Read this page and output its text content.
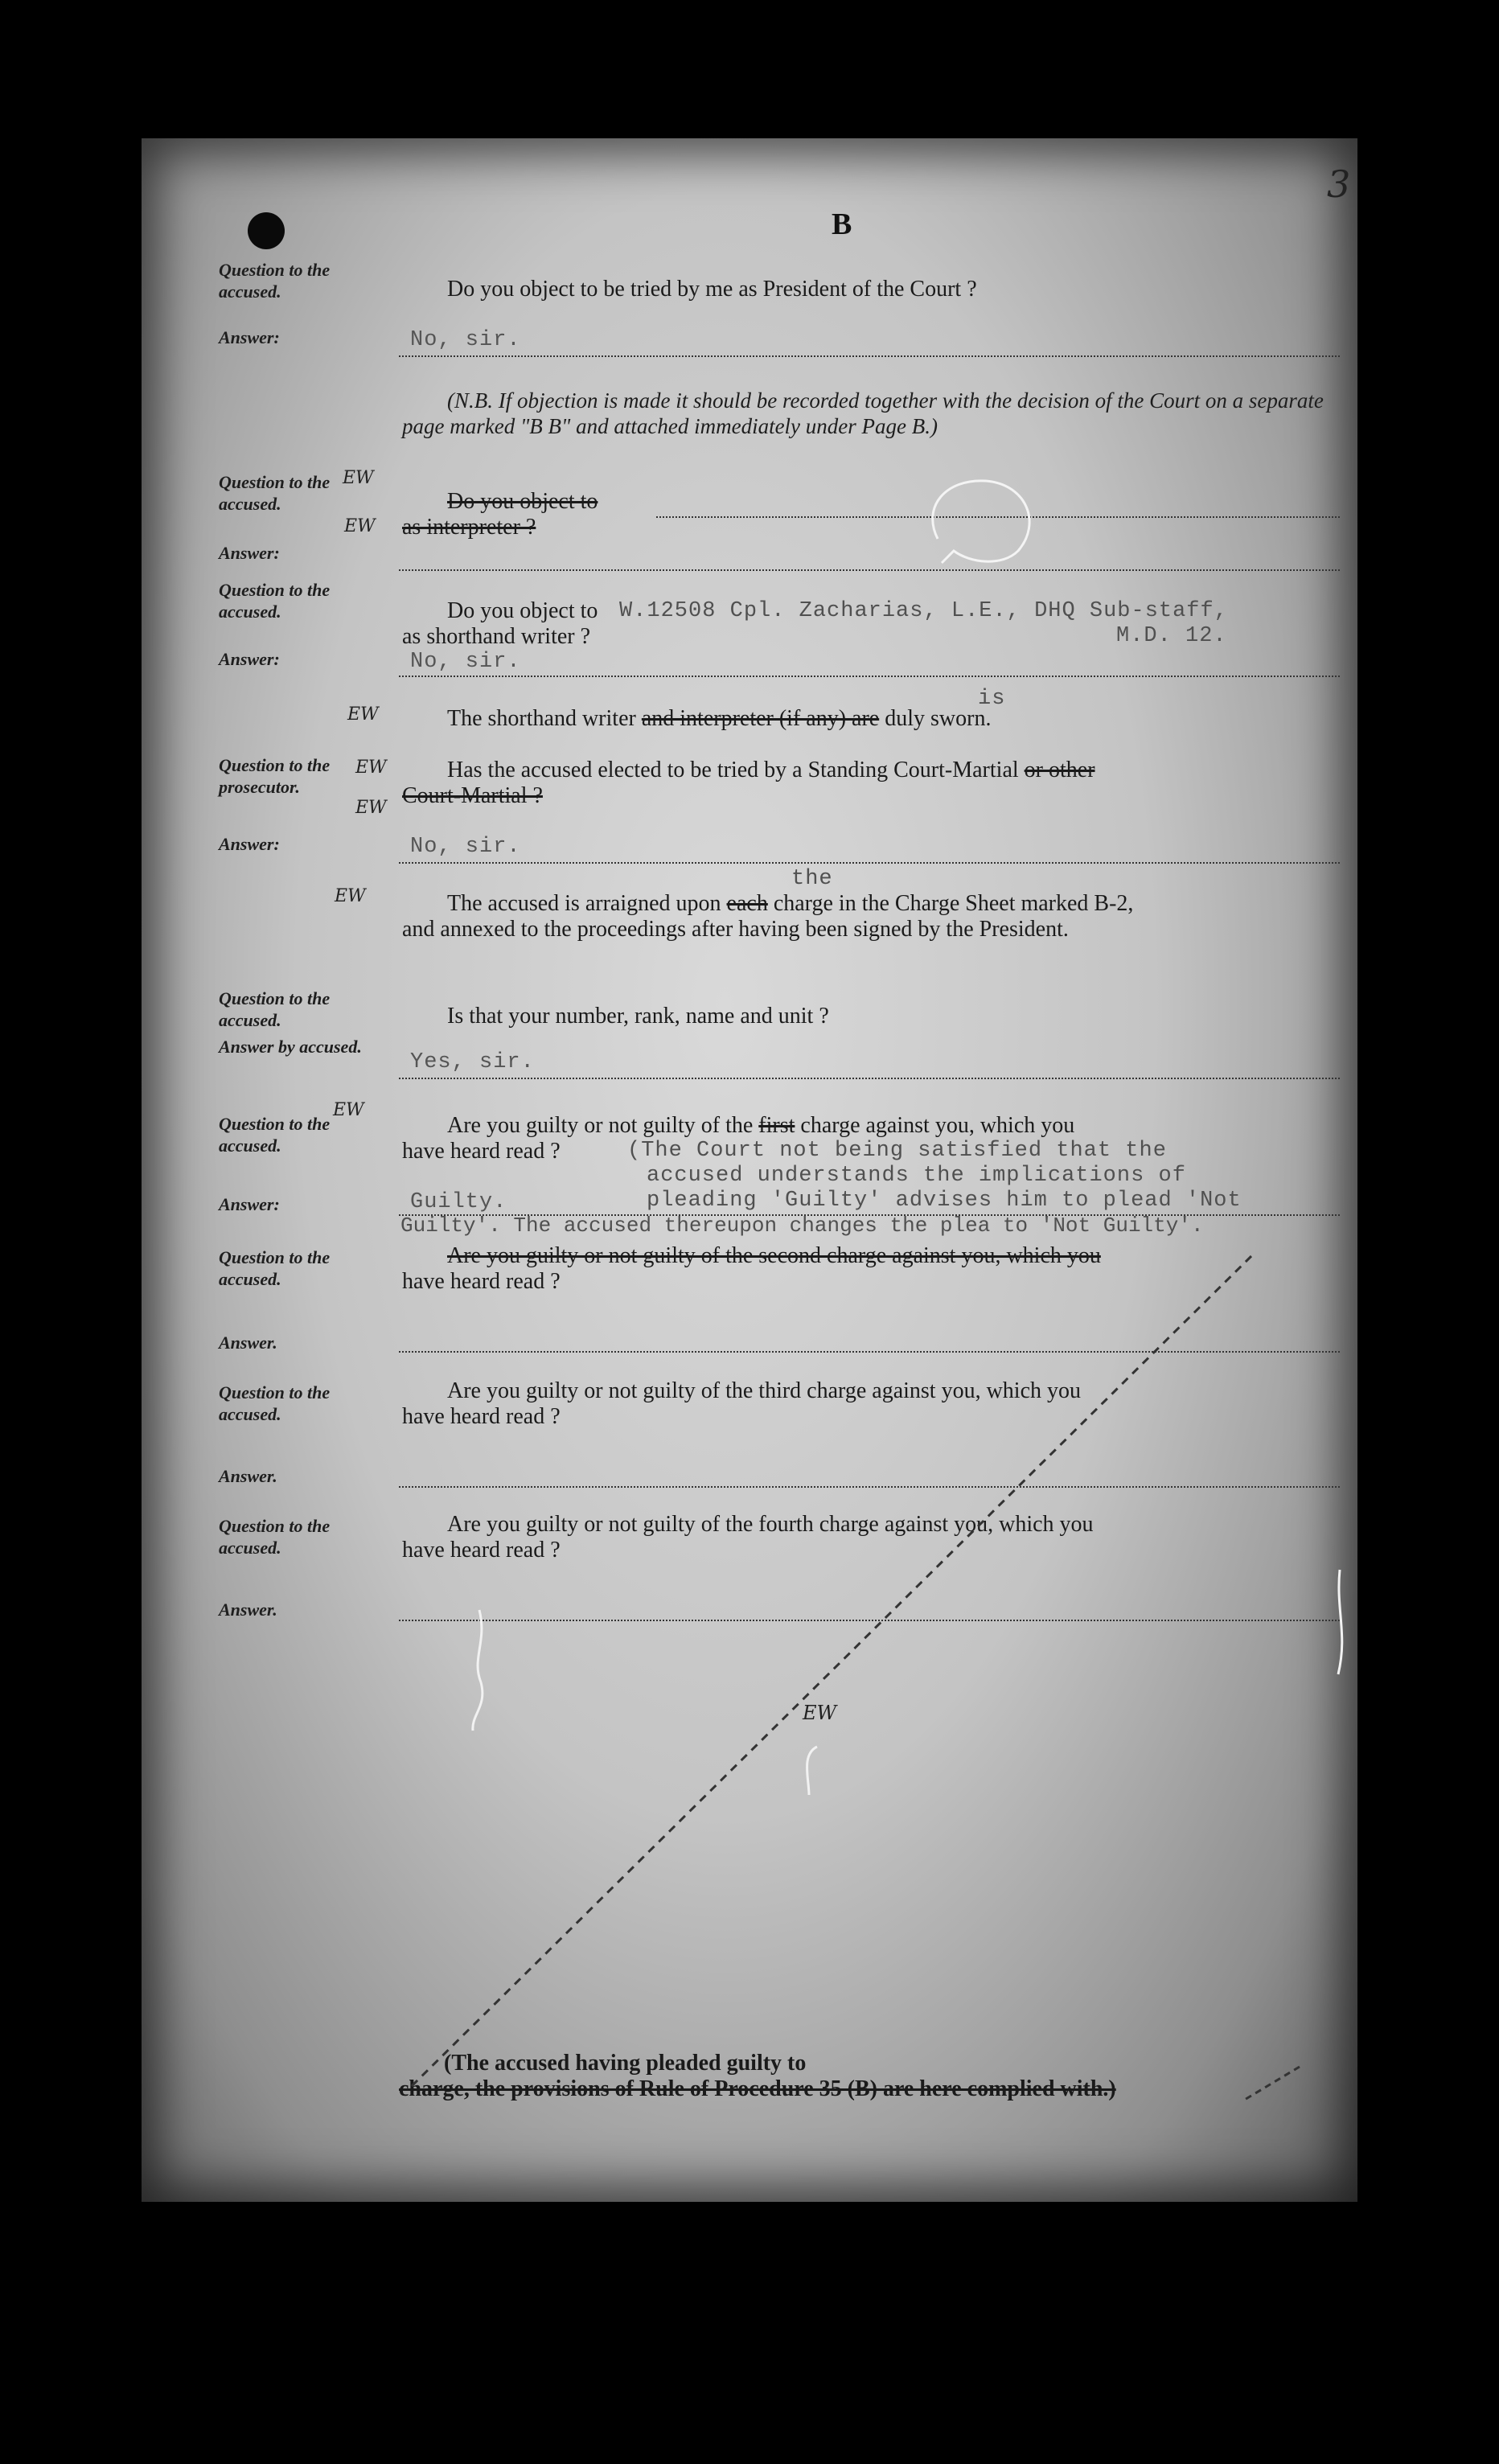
3
B
Question to the accused.	Do you object to be tried by me as President of the Court ?
Answer:	No, sir.
(N.B. If objection is made it should be recorded together with the decision of the Court on a separate page marked "B B" and attached immediately under Page B.)
Question to the accused.	Do you object to
as interpreter ?
Answer:
Question to the accused.	Do you object to
as shorthand writer ?
W.12508 Cpl. Zacharias, L.E., DHQ Sub-staff,
M.D. 12.
Answer:	No, sir.
The shorthand writer and interpreter (if any) are duly sworn.
is
Question to the prosecutor.
Has the accused elected to be tried by a Standing Court-Martial or other
Court-Martial ?
Answer:	No, sir.
The accused is arraigned upon each charge in the Charge Sheet marked B-2,
and annexed to the proceedings after having been signed by the President.
the
Question to the accused.	Is that your number, rank, name and unit ?
Answer by accused.
Yes, sir.
Question to the accused.
Are you guilty or not guilty of the first charge against you, which you
have heard read ?	(The Court not being satisfied that the
accused understands the implications of
pleading 'Guilty' advises him to plead 'Not
Guilty'. The accused thereupon changes the plea to 'Not Guilty'.
Answer:	Guilty.
Question to the accused.
Are you guilty or not guilty of the second charge against you, which you
have heard read ?
Answer.
Question to the accused.
Are you guilty or not guilty of the third charge against you, which you
have heard read ?
Answer.
Question to the accused.
Are you guilty or not guilty of the fourth charge against you, which you
have heard read ?
Answer.
(The accused having pleaded guilty to
charge, the provisions of Rule of Procedure 35 (B) are here complied with.)
EW
EW
EW
EW
EW
EW
EW
EW
